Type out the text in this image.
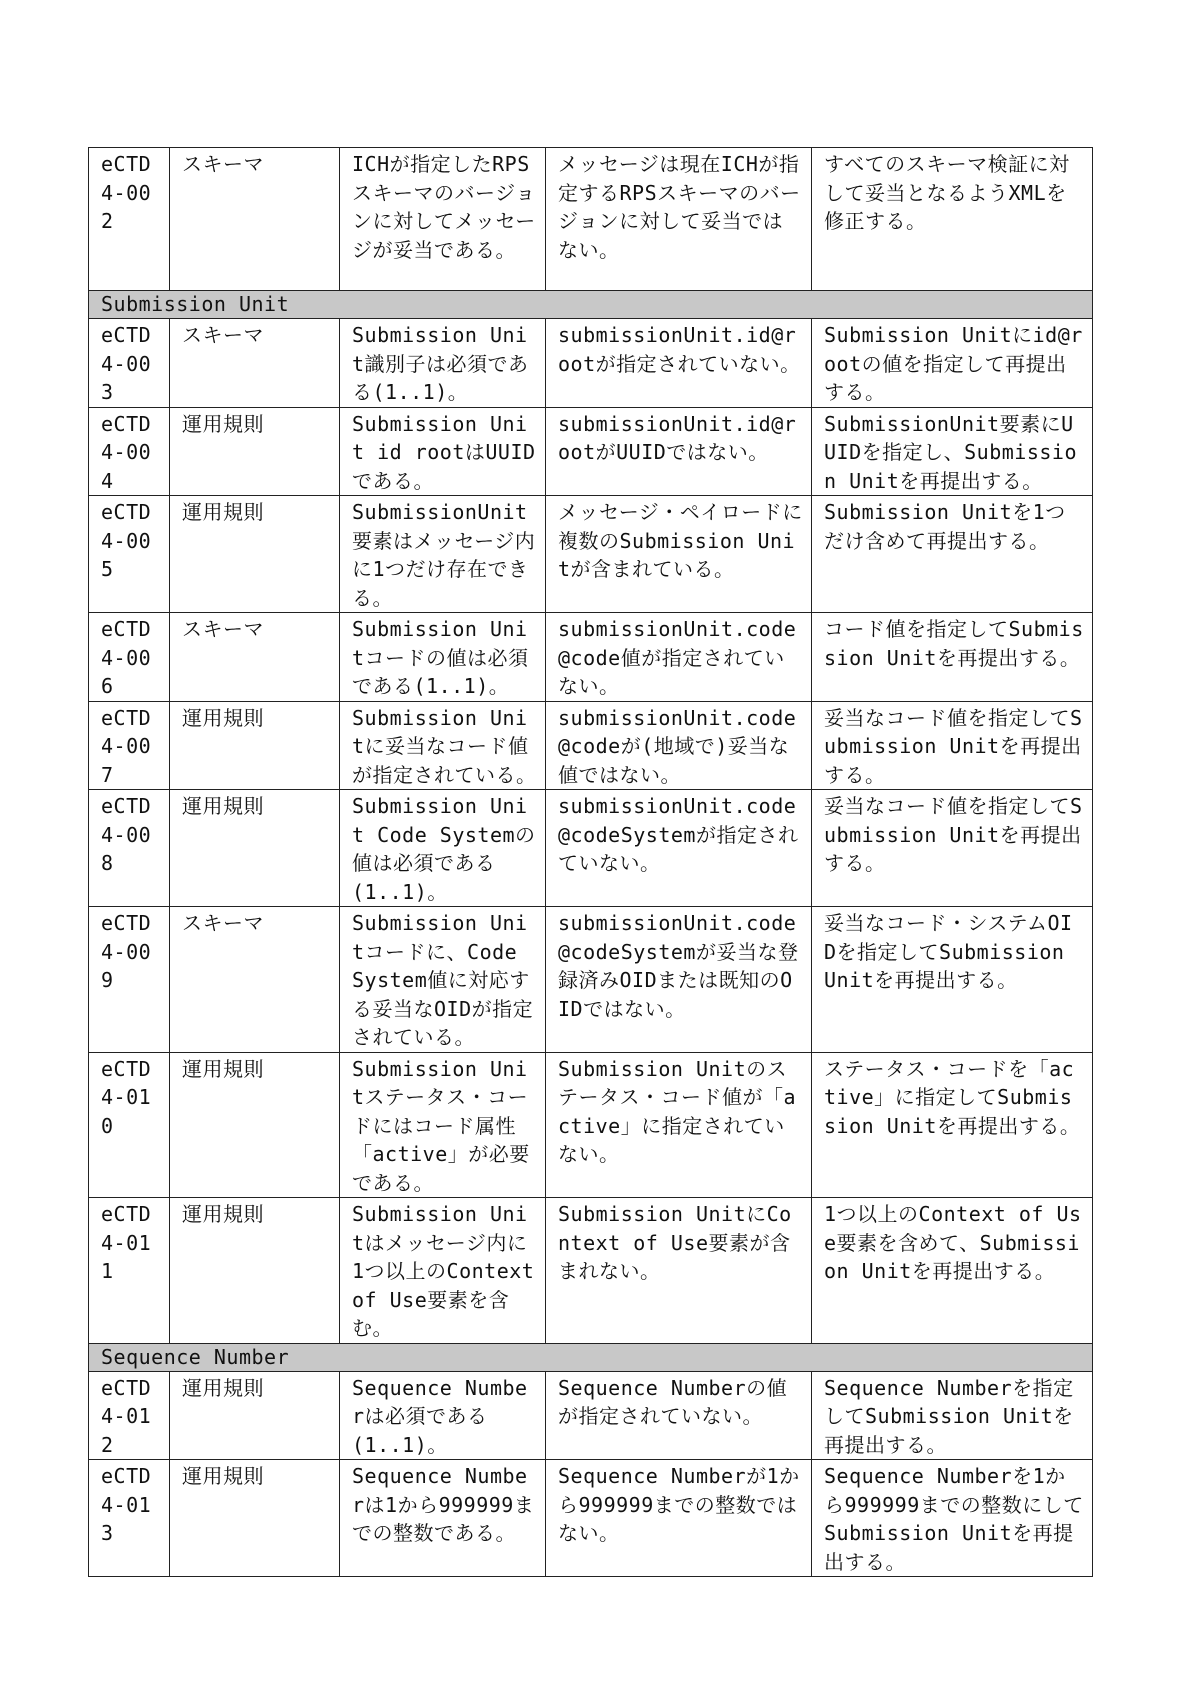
eCTD 4-002	スキーマ	ICHが指定したRPSスキーマのバージョンに対してメッセージが妥当である。	メッセージは現在ICHが指定するRPSスキーマのバージョンに対して妥当ではない。	すべてのスキーマ検証に対して妥当となるようXMLを修正する。
Submission Unit				
eCTD 4-003	スキーマ	Submission Unit識別子は必須である(1..1)。	submissionUnit.id@rootが指定されていない。	Submission Unitにid@rootの値を指定して再提出する。
eCTD 4-004	運用規則	Submission Unit id rootはUUIDである。	submissionUnit.id@rootがUUIDではない。	SubmissionUnit要素にUUIDを指定し、Submission Unitを再提出する。
eCTD 4-005	運用規則	SubmissionUnit要素はメッセージ内に1つだけ存在できる。	メッセージ・ペイロードに複数のSubmission Unitが含まれている。	Submission Unitを1つだけ含めて再提出する。
eCTD 4-006	スキーマ	Submission Unitコードの値は必須である(1..1)。	submissionUnit.code@code値が指定されていない。	コード値を指定してSubmission Unitを再提出する。
eCTD 4-007	運用規則	Submission Unitに妥当なコード値が指定されている。	submissionUnit.code@codeが(地域で)妥当な値ではない。	妥当なコード値を指定してSubmission Unitを再提出する。
eCTD 4-008	運用規則	Submission Unit Code Systemの値は必須である(1..1)。	submissionUnit.code@codeSystemが指定されていない。	妥当なコード値を指定してSubmission Unitを再提出する。
eCTD 4-009	スキーマ	Submission Unitコードに、Code System値に対応する妥当なOIDが指定されている。	submissionUnit.code@codeSystemが妥当な登録済みOIDまたは既知のOIDではない。	妥当なコード・システムOIDを指定してSubmission Unitを再提出する。
eCTD 4-010	運用規則	Submission Unitステータス・コードにはコード属性「active」が必要である。	Submission Unitのステータス・コード値が「active」に指定されていない。	ステータス・コードを「active」に指定してSubmission Unitを再提出する。
eCTD 4-011	運用規則	Submission Unitはメッセージ内に1つ以上のContext of Use要素を含む。	Submission UnitにContext of Use要素が含まれない。	1つ以上のContext of Use要素を含めて、Submission Unitを再提出する。
Sequence Number				
eCTD 4-012	運用規則	Sequence Numberは必須である(1..1)。	Sequence Numberの値が指定されていない。	Sequence Numberを指定してSubmission Unitを再提出する。
eCTD 4-013	運用規則	Sequence Numberは1から999999までの整数である。	Sequence Numberが1から999999までの整数ではない。	Sequence Numberを1から999999までの整数にしてSubmission Unitを再提出する。
